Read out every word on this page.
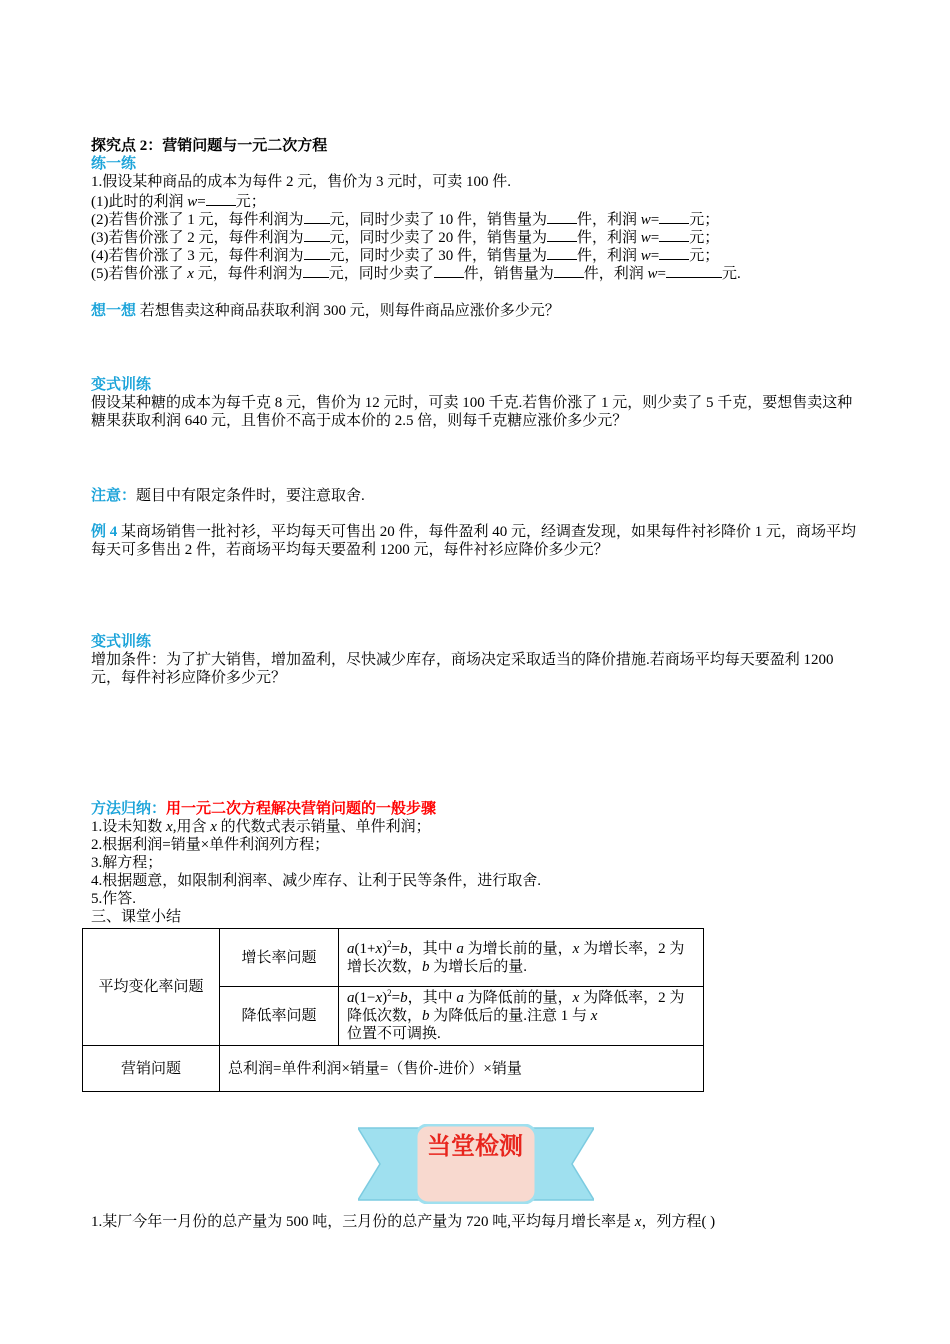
探究点 2：营销问题与一元二次方程
练一练
1.假设某种商品的成本为每件 2 元，售价为 3 元时，可卖 100 件.
(1)此时的利润 w= 元；
(2)若售价涨了 1 元，每件利润为 元，同时少卖了 10 件，销售量为 件，利润 w= 元；
(3)若售价涨了 2 元，每件利润为 元，同时少卖了 20 件，销售量为 件，利润 w= 元；
(4)若售价涨了 3 元，每件利润为 元，同时少卖了 30 件，销售量为 件，利润 w= 元；
(5)若售价涨了 x 元，每件利润为 元，同时少卖了 件，销售量为 件，利润 w=	元.
想一想 若想售卖这种商品获取利润 300 元，则每件商品应涨价多少元？
变式训练
假设某种糖的成本为每千克 8 元，售价为 12 元时，可卖 100 千克.若售价涨了 1 元，则少卖了 5 千克，要想售卖这种糖果获取利润 640 元，且售价不高于成本价的 2.5 倍，则每千克糖应涨价多少元？
注意：题目中有限定条件时，要注意取舍.
例 4 某商场销售一批衬衫，平均每天可售出 20 件，每件盈利 40 元，经调查发现，如果每件衬衫降价 1 元，商场平均每天可多售出 2 件，若商场平均每天要盈利 1200 元，每件衬衫应降价多少元？
变式训练
增加条件：为了扩大销售，增加盈利，尽快减少库存，商场决定采取适当的降价措施.若商场平均每天要盈利 1200 元，每件衬衫应降价多少元？
方法归纳：用一元二次方程解决营销问题的一般步骤
1.设未知数 x,用含 x 的代数式表示销量、单件利润；
2.根据利润=销量×单件利润列方程；
3.解方程；
4.根据题意，如限制利润率、减少库存、让利于民等条件，进行取舍.
5.作答.
三、课堂小结
平均变化率问题	增长率问题	$a(1+x)^2=b$，其中 a 为增长前的量，x 为增长率，2 为增长次数，b 为增长后的量.
	降低率问题	$a(1-x)^2=b$，其中 a 为降低前的量，x 为降低率，2 为降低次数，b 为降低后的量.注意 1 与 x
位置不可调换.
营销问题	总利润=单件利润×销量=（售价-进价）×销量	
当堂检测
1.某厂今年一月份的总产量为 500 吨，三月份的总产量为 720 吨,平均每月增长率是 x，列方程( )
